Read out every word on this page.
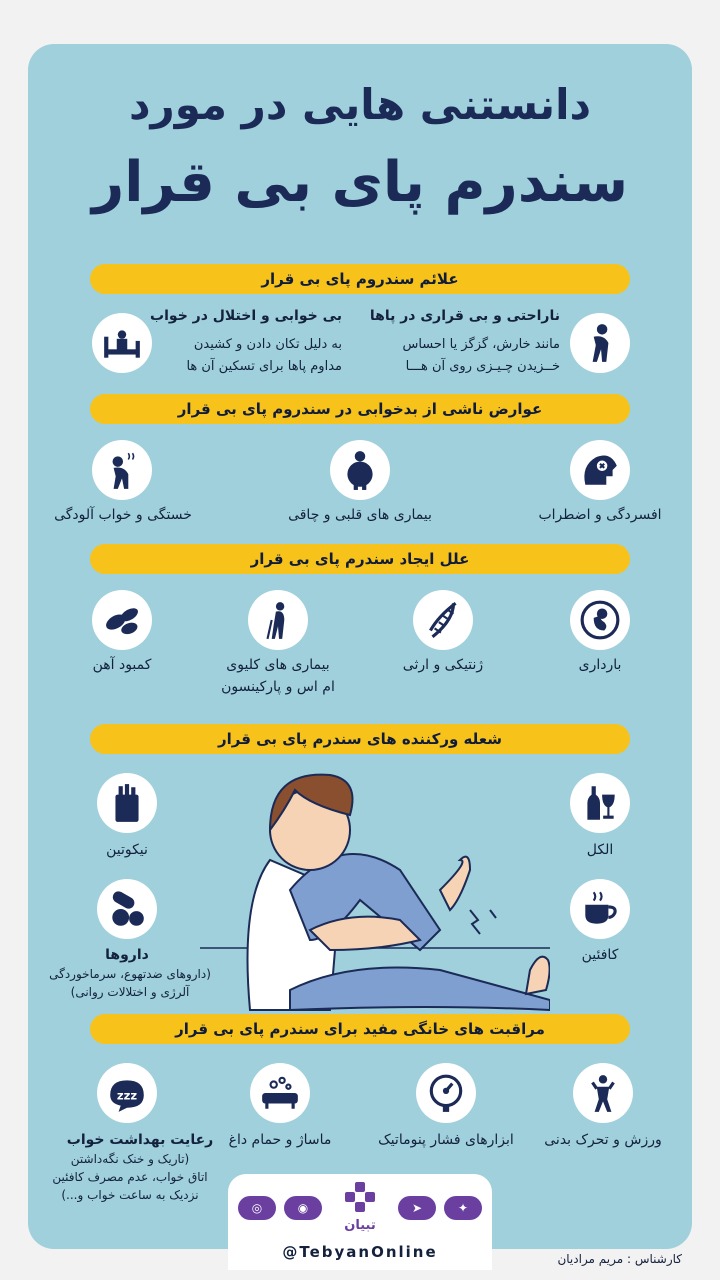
دانستنی هایی در مورد
سندرم پای بی قرار
علائم سندروم پای بی قرار
ناراحتی و بی قراری در پاها
مانند خارش، گزگز یا احساس
خــزیدن چـیـزی روی آن هـــا
بی خوابی و اختلال در خواب
به دلیل تکان دادن و کشیدن
مداوم پاها برای تسکین آن ها
عوارض ناشی از بدخوابی در سندروم پای بی قرار
افسردگی و اضطراب
بیماری های قلبی و چاقی
خستگی و خواب آلودگی
علل ایجاد سندرم پای بی قرار
بارداری
ژنتیکی و ارثی
بیماری های کلیوی
ام اس و پارکینسون
کمبود آهن
شعله ورکننده های سندرم پای بی قرار
الکل
کافئین
نیکوتین
داروها
(داروهای ضدتهوع، سرماخوردگی
آلرژی و اختلالات روانی)
مراقبت های خانگی مفید برای سندرم پای بی قرار
ورزش و تحرک بدنی
ابزارهای فشار پنوماتیک
ماساژ و حمام داغ
zzz
رعایت بهداشت خواب
(تاریک و خنک نگه‌داشتن
اتاق خواب، عدم مصرف کافئین
نزدیک به ساعت خواب و...)
◎	◉	➤	✦
تبیان
@TebyanOnline	کارشناس : مریم مرادیان
